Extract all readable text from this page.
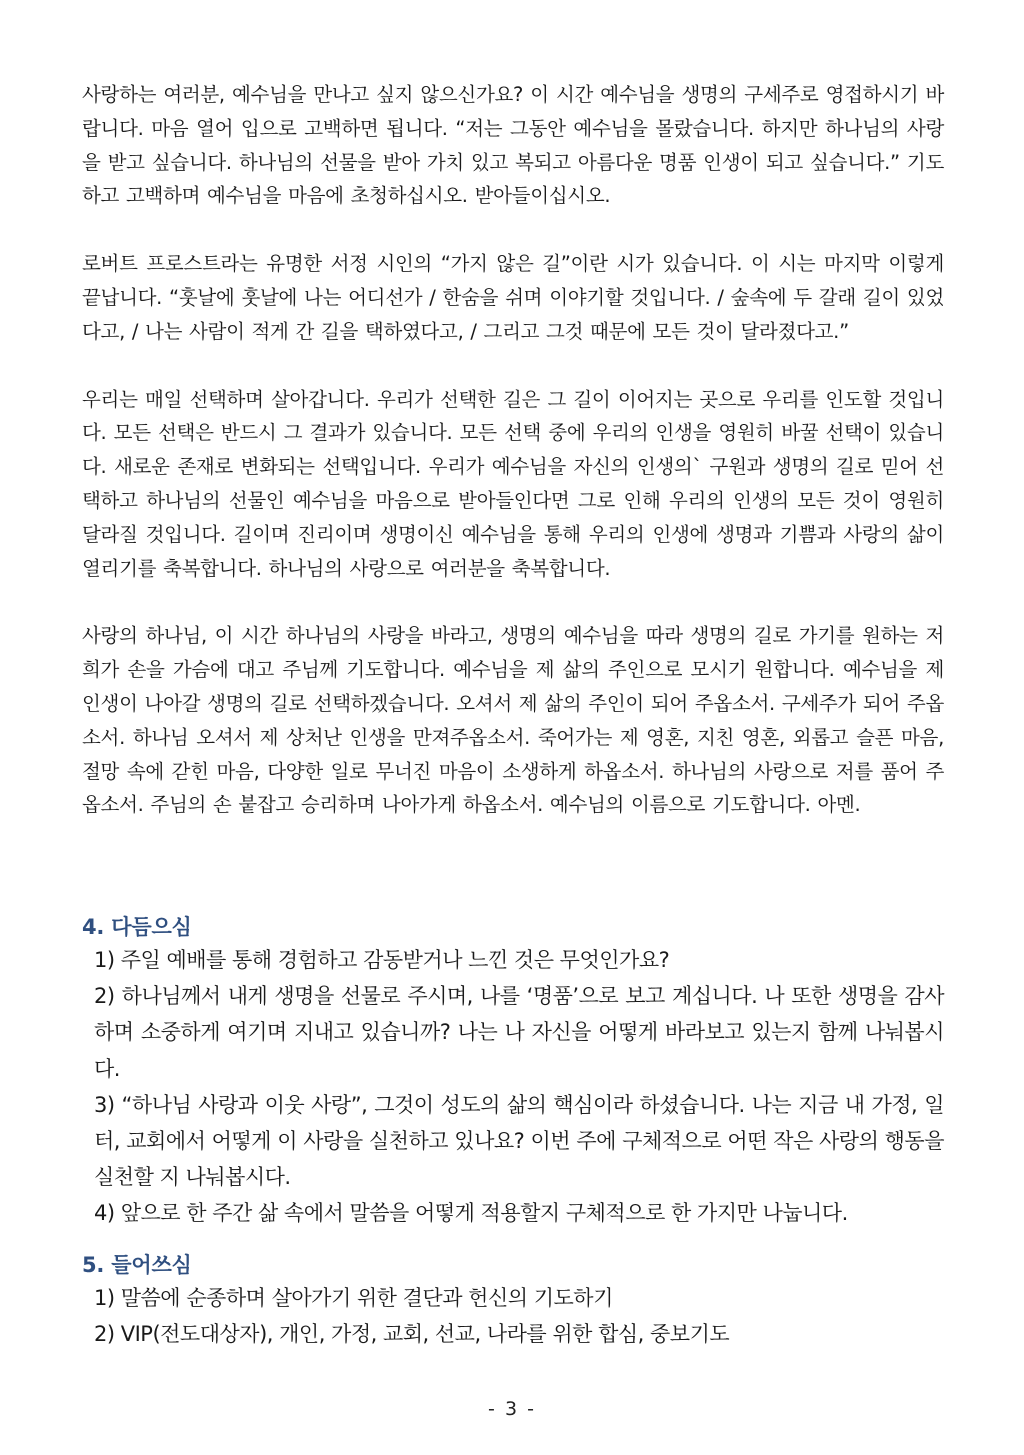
사랑하는 여러분, 예수님을 만나고 싶지 않으신가요? 이 시간 예수님을 생명의 구세주로 영접하시기 바랍니다. 마음 열어 입으로 고백하면 됩니다. “저는 그동안 예수님을 몰랐습니다. 하지만 하나님의 사랑을 받고 싶습니다. 하나님의 선물을 받아 가치 있고 복되고 아름다운 명품 인생이 되고 싶습니다.” 기도하고 고백하며 예수님을 마음에 초청하십시오. 받아들이십시오.

로버트 프로스트라는 유명한 서정 시인의 “가지 않은 길”이란 시가 있습니다. 이 시는 마지막 이렇게 끝납니다. “훗날에 훗날에 나는 어디선가 / 한숨을 쉬며 이야기할 것입니다. / 숲속에 두 갈래 길이 있었다고, / 나는 사람이 적게 간 길을 택하였다고, / 그리고 그것 때문에 모든 것이 달라졌다고.”

우리는 매일 선택하며 살아갑니다. 우리가 선택한 길은 그 길이 이어지는 곳으로 우리를 인도할 것입니다. 모든 선택은 반드시 그 결과가 있습니다. 모든 선택 중에 우리의 인생을 영원히 바꿀 선택이 있습니다. 새로운 존재로 변화되는 선택입니다. 우리가 예수님을 자신의 인생의` 구원과 생명의 길로 믿어 선택하고 하나님의 선물인 예수님을 마음으로 받아들인다면 그로 인해 우리의 인생의 모든 것이 영원히 달라질 것입니다. 길이며 진리이며 생명이신 예수님을 통해 우리의 인생에 생명과 기쁨과 사랑의 삶이 열리기를 축복합니다. 하나님의 사랑으로 여러분을 축복합니다.

사랑의 하나님, 이 시간 하나님의 사랑을 바라고, 생명의 예수님을 따라 생명의 길로 가기를 원하는 저희가 손을 가슴에 대고 주님께 기도합니다. 예수님을 제 삶의 주인으로 모시기 원합니다. 예수님을 제 인생이 나아갈 생명의 길로 선택하겠습니다. 오셔서 제 삶의 주인이 되어 주옵소서. 구세주가 되어 주옵소서. 하나님 오셔서 제 상처난 인생을 만져주옵소서. 죽어가는 제 영혼, 지친 영혼, 외롭고 슬픈 마음, 절망 속에 갇힌 마음, 다양한 일로 무너진 마음이 소생하게 하옵소서. 하나님의 사랑으로 저를 품어 주옵소서. 주님의 손 붙잡고 승리하며 나아가게 하옵소서. 예수님의 이름으로 기도합니다. 아멘.

4. 다듬으심
1) 주일 예배를 통해 경험하고 감동받거나 느낀 것은 무엇인가요?
2) 하나님께서 내게 생명을 선물로 주시며, 나를 ‘명품’으로 보고 계십니다. 나 또한 생명을 감사하며 소중하게 여기며 지내고 있습니까? 나는 나 자신을 어떻게 바라보고 있는지 함께 나눠봅시다.
3) “하나님 사랑과 이웃 사랑”, 그것이 성도의 삶의 핵심이라 하셨습니다. 나는 지금 내 가정, 일터, 교회에서 어떻게 이 사랑을 실천하고 있나요? 이번 주에 구체적으로 어떤 작은 사랑의 행동을 실천할 지 나눠봅시다.
4) 앞으로 한 주간 삶 속에서 말씀을 어떻게 적용할지 구체적으로 한 가지만 나눕니다.
5. 들어쓰심
1) 말씀에 순종하며 살아가기 위한 결단과 헌신의 기도하기
2) VIP(전도대상자), 개인, 가정, 교회, 선교, 나라를 위한 합심, 중보기도
- 3 -
